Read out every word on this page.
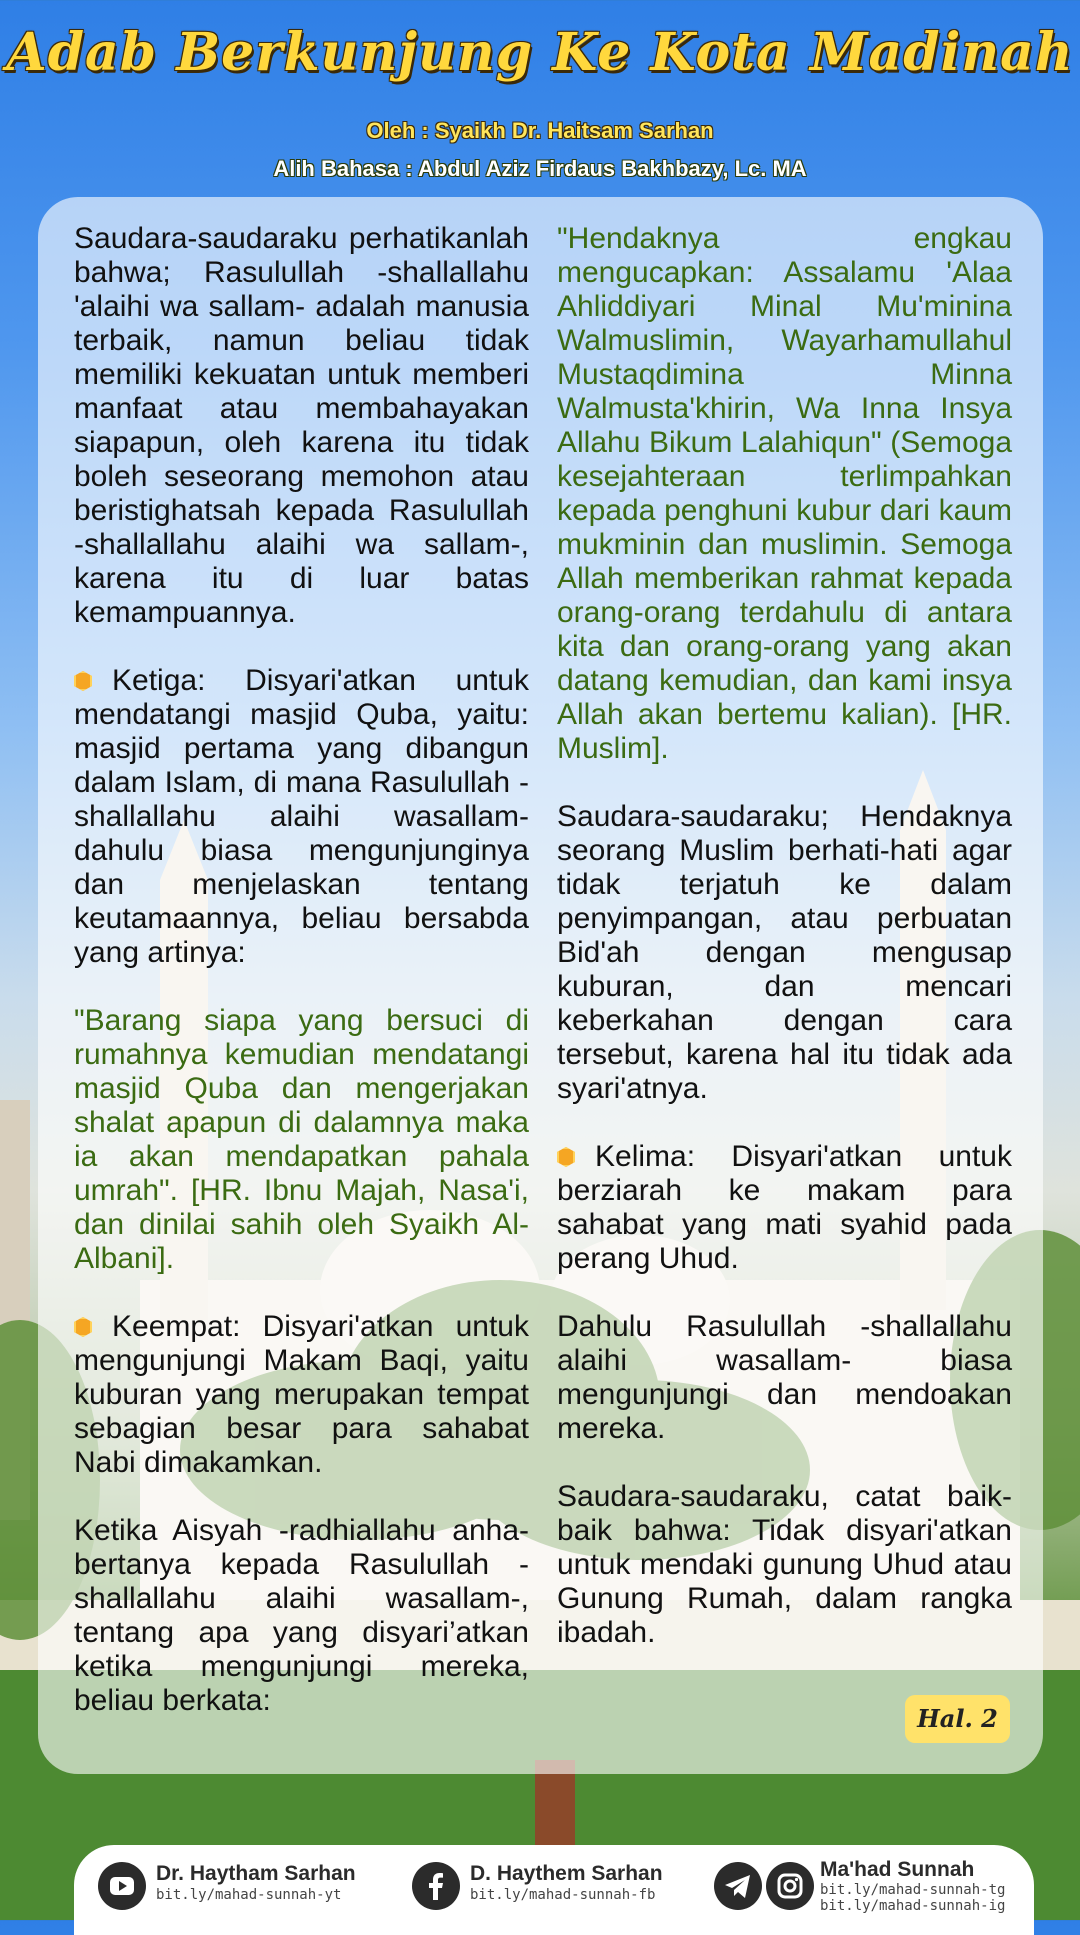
Adab Berkunjung Ke Kota Madinah
Oleh : Syaikh Dr. Haitsam Sarhan
Alih Bahasa : Abdul Aziz Firdaus Bakhbazy, Lc. MA

Saudara-saudaraku perhatikanlah bahwa; Rasulullah -shallallahu 'alaihi wa sallam- adalah manusia terbaik, namun beliau tidak memiliki kekuatan untuk memberi manfaat atau membahayakan siapapun, oleh karena itu tidak boleh seseorang memohon atau beristighatsah kepada Rasulullah -shallallahu alaihi wa sallam-, karena itu di luar batas kemampuannya.

Ketiga: Disyari'atkan untuk mendatangi masjid Quba, yaitu: masjid pertama yang dibangun dalam Islam, di mana Rasulullah -shallallahu alaihi wasallam- dahulu biasa mengunjunginya dan menjelaskan tentang keutamaannya, beliau bersabda yang artinya:

"Barang siapa yang bersuci di rumahnya kemudian mendatangi masjid Quba dan mengerjakan shalat apapun di dalamnya maka ia akan mendapatkan pahala umrah". [HR. Ibnu Majah, Nasa'i, dan dinilai sahih oleh Syaikh Al-Albani].

Keempat: Disyari'atkan untuk mengunjungi Makam Baqi, yaitu kuburan yang merupakan tempat sebagian besar para sahabat Nabi dimakamkan.

Ketika Aisyah -radhiallahu anha- bertanya kepada Rasulullah -shallallahu alaihi wasallam-, tentang apa yang disyari’atkan ketika mengunjungi mereka, beliau berkata:

"Hendaknya engkau mengucapkan: Assalamu 'Alaa Ahliddiyari Minal Mu'minina Walmuslimin, Wayarhamullahul Mustaqdimina Minna Walmusta'khirin, Wa Inna Insya Allahu Bikum Lalahiqun" (Semoga kesejahteraan terlimpahkan kepada penghuni kubur dari kaum mukminin dan muslimin. Semoga Allah memberikan rahmat kepada orang-orang terdahulu di antara kita dan orang-orang yang akan datang kemudian, dan kami insya Allah akan bertemu kalian). [HR. Muslim].

Saudara-saudaraku; Hendaknya seorang Muslim berhati-hati agar tidak terjatuh ke dalam penyimpangan, atau perbuatan Bid'ah dengan mengusap kuburan, dan mencari keberkahan dengan cara tersebut, karena hal itu tidak ada syari'atnya.

Kelima: Disyari'atkan untuk berziarah ke makam para sahabat yang mati syahid pada perang Uhud.

Dahulu Rasulullah -shallallahu alaihi wasallam- biasa mengunjungi dan mendoakan mereka.

Saudara-saudaraku, catat baik-baik bahwa: Tidak disyari'atkan untuk mendaki gunung Uhud atau Gunung Rumah, dalam rangka ibadah.

Hal. 2
Dr. Haytham Sarhan
bit.ly/mahad-sunnah-yt
D. Haythem Sarhan
bit.ly/mahad-sunnah-fb
Ma'had Sunnah
bit.ly/mahad-sunnah-tg
bit.ly/mahad-sunnah-ig
